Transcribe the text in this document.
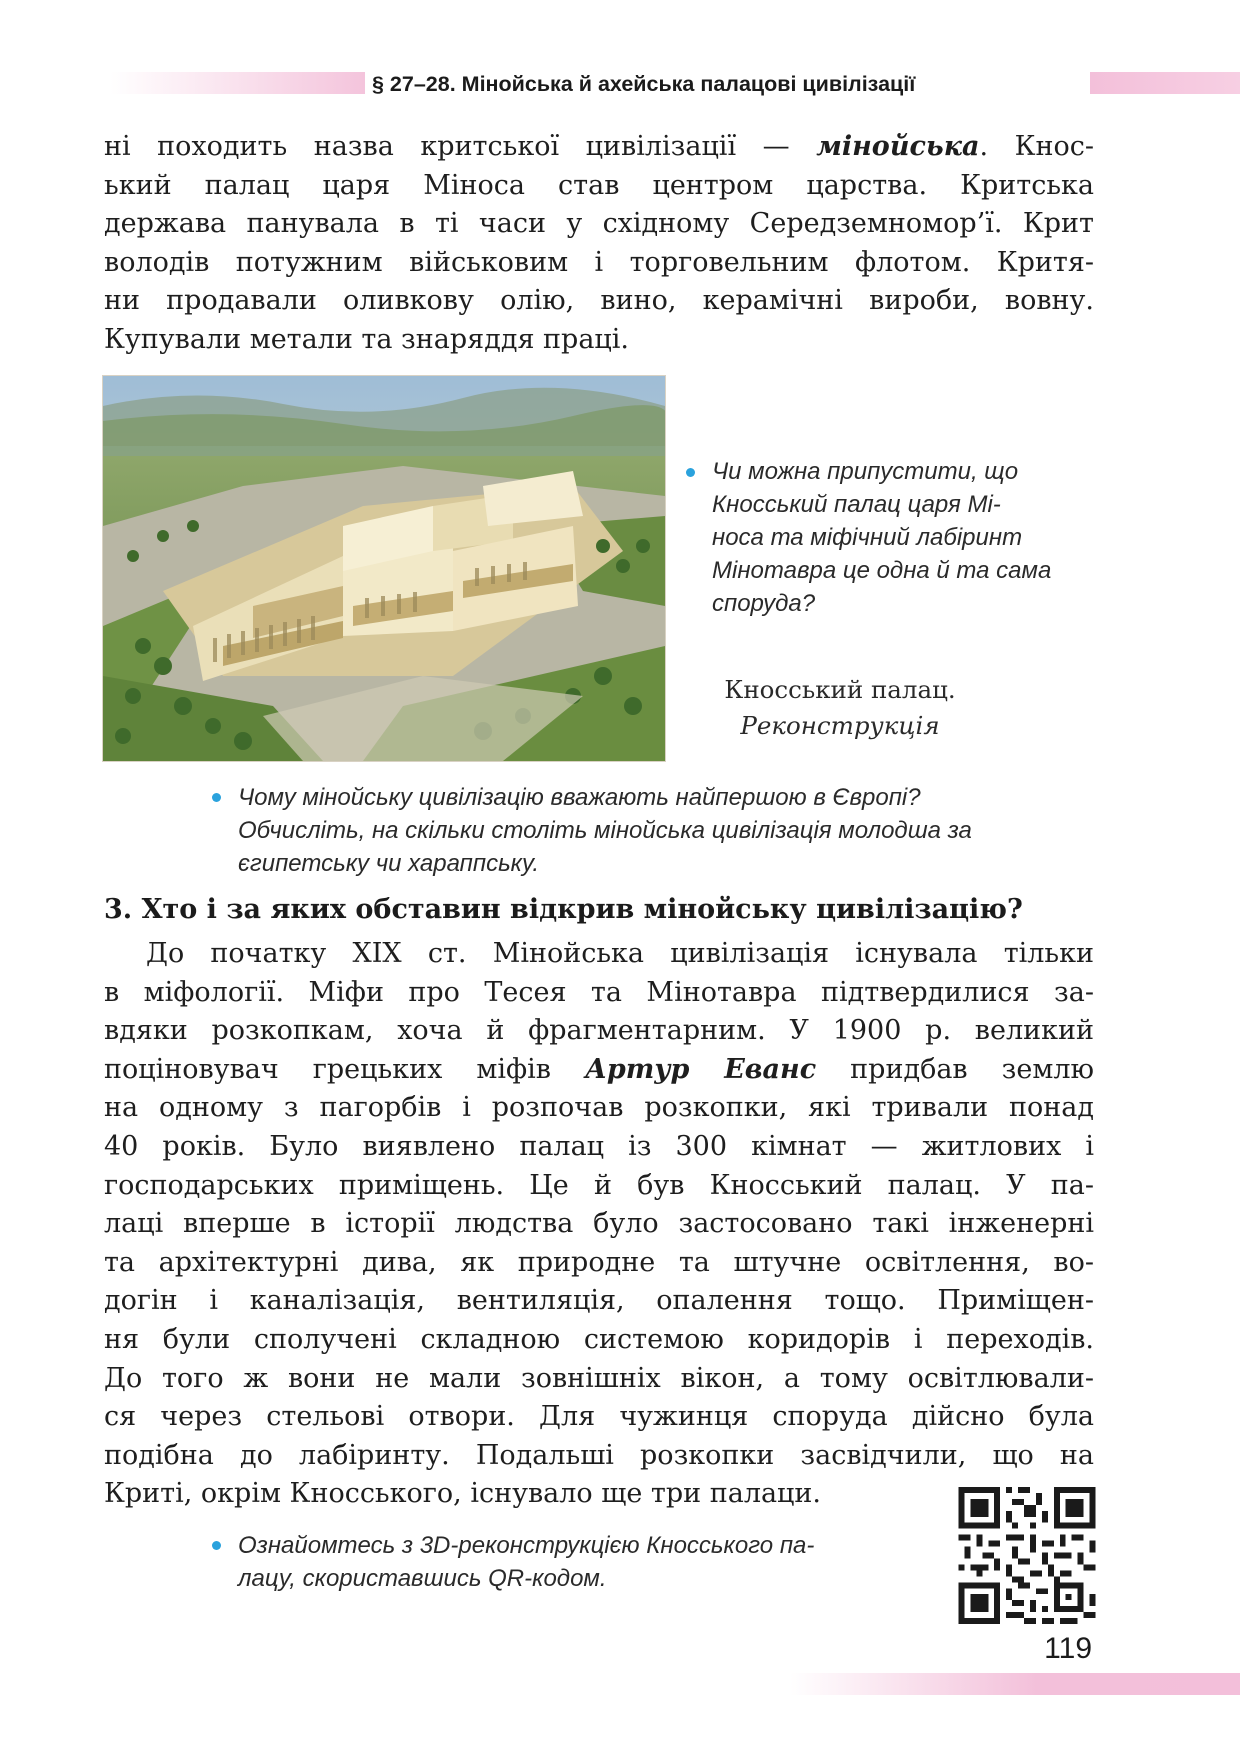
§ 27–28. Мінойська й ахейська палацові цивілізації
ні походить назва критської цивілізації — мінойська. Кнос-
ький палац царя Міноса став центром царства. Критська
держава панувала в ті часи у східному Середземномор’ї. Крит
володів потужним військовим і торговельним флотом. Критя-
ни продавали оливкову олію, вино, керамічні вироби, вовну.
Купували метали та знаряддя праці.
Чи можна припустити, що
Кносський палац царя Мі-
носа та міфічний лабіринт
Мінотавра це одна й та сама
споруда?
Кносський палац.
Реконструкція
Чому мінойську цивілізацію вважають найпершою в Європі?
Обчисліть, на скільки століть мінойська цивілізація молодша за
єгипетську чи хараппську.
3. Хто і за яких обставин відкрив мінойську цивілізацію?
До початку XIX ст. Мінойська цивілізація існувала тільки
в міфології. Міфи про Тесея та Мінотавра підтвердилися за-
вдяки розкопкам, хоча й фрагментарним. У 1900 р. великий
поціновувач грецьких міфів Артур Еванс придбав землю
на одному з пагорбів і розпочав розкопки, які тривали понад
40 років. Було виявлено палац із 300 кімнат — житлових і
господарських приміщень. Це й був Кносський палац. У па-
лаці вперше в історії людства було застосовано такі інженерні
та архітектурні дива, як природне та штучне освітлення, во-
догін і каналізація, вентиляція, опалення тощо. Приміщен-
ня були сполучені складною системою коридорів і переходів.
До того ж вони не мали зовнішніх вікон, а тому освітлювали-
ся через стельові отвори. Для чужинця споруда дійсно була
подібна до лабіринту. Подальші розкопки засвідчили, що на
Криті, окрім Кносського, існувало ще три палаци.
Ознайомтесь з 3D-реконструкцією Кносського па-
лацу, скориставшись QR-кодом.
119
